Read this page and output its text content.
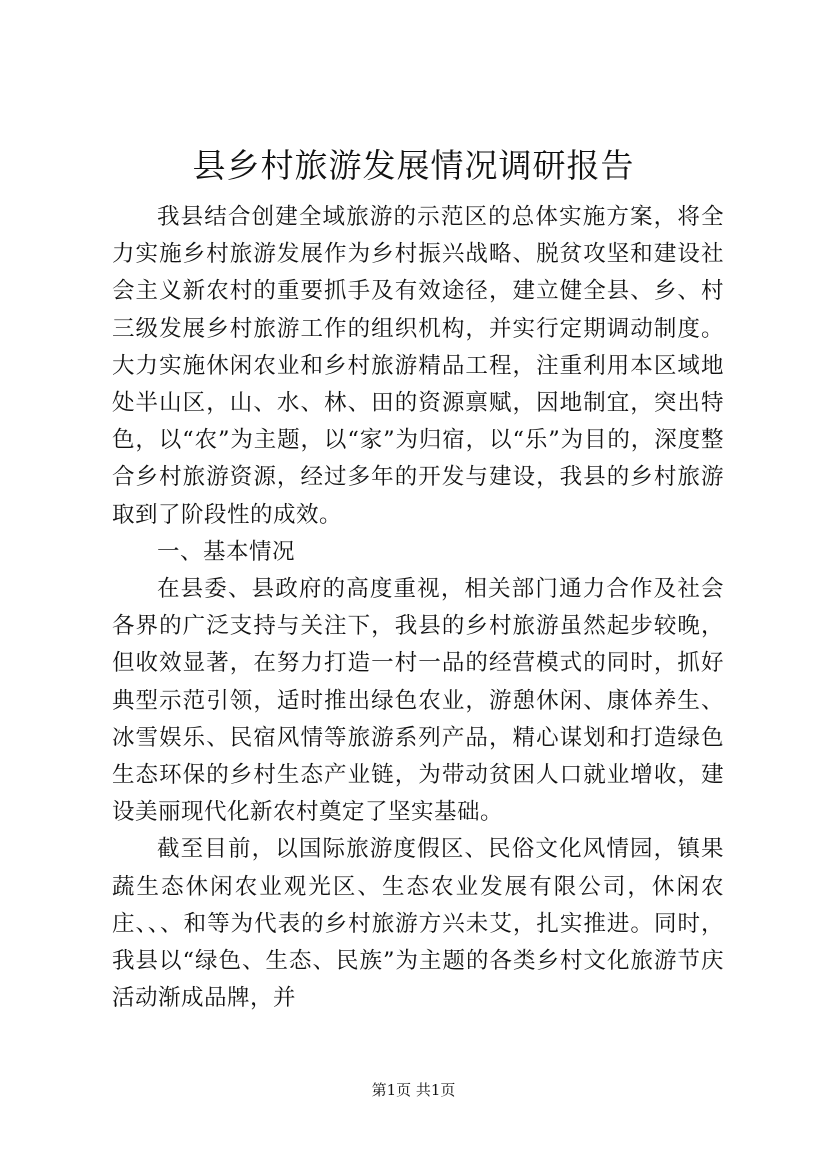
县乡村旅游发展情况调研报告

我县结合创建全域旅游的示范区的总体实施方案，将全力实施乡村旅游发展作为乡村振兴战略、脱贫攻坚和建设社会主义新农村的重要抓手及有效途径，建立健全县、乡、村三级发展乡村旅游工作的组织机构，并实行定期调动制度。大力实施休闲农业和乡村旅游精品工程，注重利用本区域地处半山区，山、水、林、田的资源禀赋，因地制宜，突出特色，以“农”为主题，以“家”为归宿，以“乐”为目的，深度整合乡村旅游资源，经过多年的开发与建设，我县的乡村旅游取到了阶段性的成效。

一、基本情况

在县委、县政府的高度重视，相关部门通力合作及社会各界的广泛支持与关注下，我县的乡村旅游虽然起步较晚，但收效显著，在努力打造一村一品的经营模式的同时，抓好典型示范引领，适时推出绿色农业，游憩休闲、康体养生、冰雪娱乐、民宿风情等旅游系列产品，精心谋划和打造绿色生态环保的乡村生态产业链，为带动贫困人口就业增收，建设美丽现代化新农村奠定了坚实基础。

截至目前，以国际旅游度假区、民俗文化风情园，镇果蔬生态休闲农业观光区、生态农业发展有限公司，休闲农庄、、、和等为代表的乡村旅游方兴未艾，扎实推进。同时，我县以“绿色、生态、民族”为主题的各类乡村文化旅游节庆活动渐成品牌，并

第1页 共1页
